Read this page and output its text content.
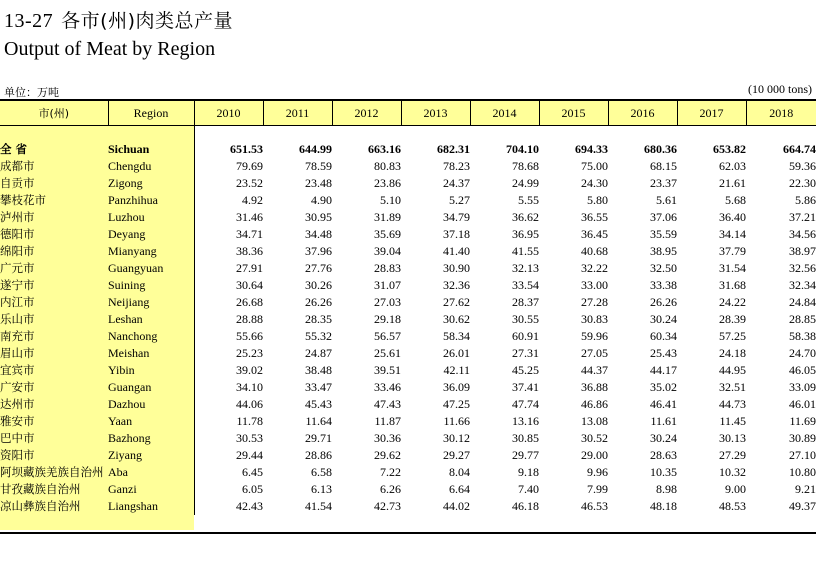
13-27 各市(州)肉类总产量
Output of Meat by Region
单位：万吨	(10 000 tons)
市(州)	Region	2010	2011	2012	2013	2014	2015	2016	2017	2018

全 省	Sichuan	651.53	644.99	663.16	682.31	704.10	694.33	680.36	653.82	664.74
成都市	Chengdu	79.69	78.59	80.83	78.23	78.68	75.00	68.15	62.03	59.36
自贡市	Zigong	23.52	23.48	23.86	24.37	24.99	24.30	23.37	21.61	22.30
攀枝花市	Panzhihua	4.92	4.90	5.10	5.27	5.55	5.80	5.61	5.68	5.86
泸州市	Luzhou	31.46	30.95	31.89	34.79	36.62	36.55	37.06	36.40	37.21
德阳市	Deyang	34.71	34.48	35.69	37.18	36.95	36.45	35.59	34.14	34.56
绵阳市	Mianyang	38.36	37.96	39.04	41.40	41.55	40.68	38.95	37.79	38.97
广元市	Guangyuan	27.91	27.76	28.83	30.90	32.13	32.22	32.50	31.54	32.56
遂宁市	Suining	30.64	30.26	31.07	32.36	33.54	33.00	33.38	31.68	32.34
内江市	Neijiang	26.68	26.26	27.03	27.62	28.37	27.28	26.26	24.22	24.84
乐山市	Leshan	28.88	28.35	29.18	30.62	30.55	30.83	30.24	28.39	28.85
南充市	Nanchong	55.66	55.32	56.57	58.34	60.91	59.96	60.34	57.25	58.38
眉山市	Meishan	25.23	24.87	25.61	26.01	27.31	27.05	25.43	24.18	24.70
宜宾市	Yibin	39.02	38.48	39.51	42.11	45.25	44.37	44.17	44.95	46.05
广安市	Guangan	34.10	33.47	33.46	36.09	37.41	36.88	35.02	32.51	33.09
达州市	Dazhou	44.06	45.43	47.43	47.25	47.74	46.86	46.41	44.73	46.01
雅安市	Yaan	11.78	11.64	11.87	11.66	13.16	13.08	11.61	11.45	11.69
巴中市	Bazhong	30.53	29.71	30.36	30.12	30.85	30.52	30.24	30.13	30.89
资阳市	Ziyang	29.44	28.86	29.62	29.27	29.77	29.00	28.63	27.29	27.10
阿坝藏族羌族自治州	Aba	6.45	6.58	7.22	8.04	9.18	9.96	10.35	10.32	10.80
甘孜藏族自治州	Ganzi	6.05	6.13	6.26	6.64	7.40	7.99	8.98	9.00	9.21
凉山彝族自治州	Liangshan	42.43	41.54	42.73	44.02	46.18	46.53	48.18	48.53	49.37
